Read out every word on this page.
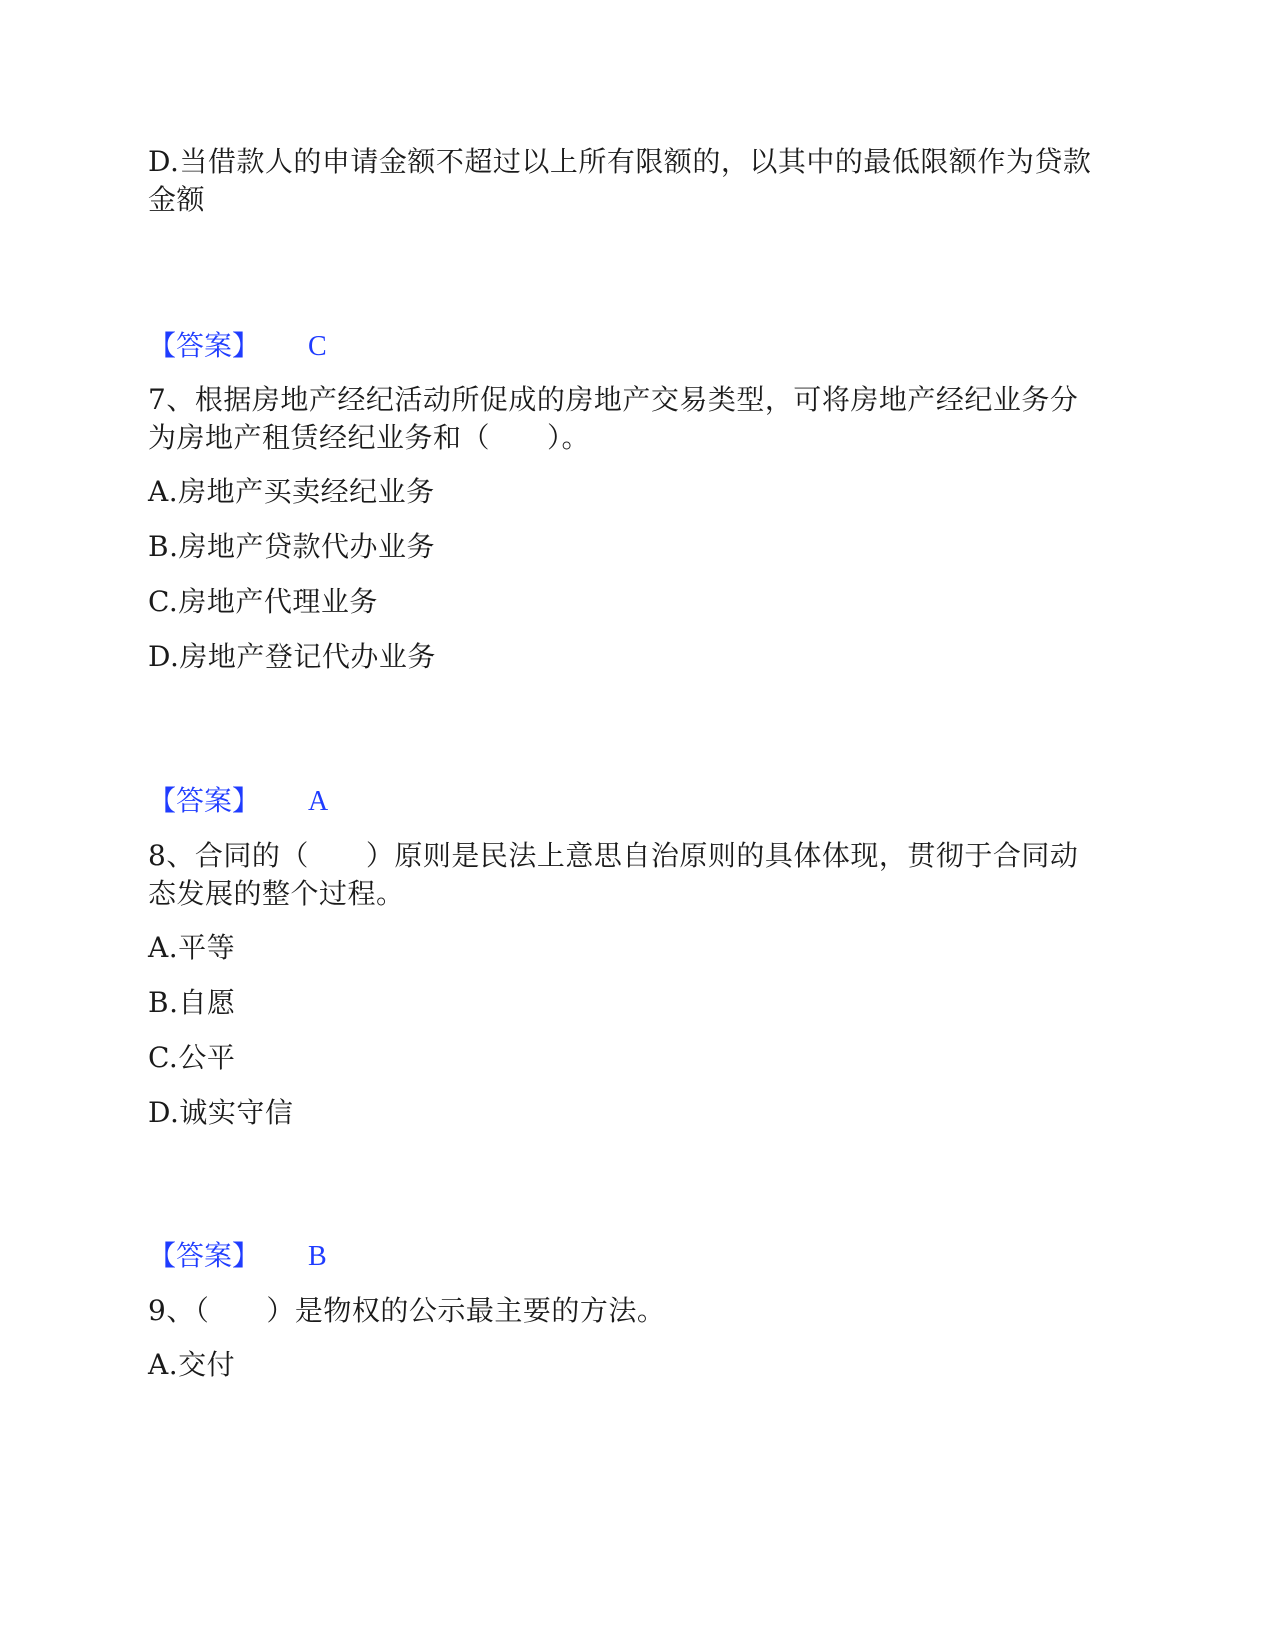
D.当借款人的申请金额不超过以上所有限额的，以其中的最低限额作为贷款
金额
【答案】 C
7、根据房地产经纪活动所促成的房地产交易类型，可将房地产经纪业务分
为房地产租赁经纪业务和（　　）。
A.房地产买卖经纪业务
B.房地产贷款代办业务
C.房地产代理业务
D.房地产登记代办业务
【答案】 A
8、合同的（　　）原则是民法上意思自治原则的具体体现，贯彻于合同动
态发展的整个过程。
A.平等
B.自愿
C.公平
D.诚实守信
【答案】 B
9、（　　）是物权的公示最主要的方法。
A.交付
